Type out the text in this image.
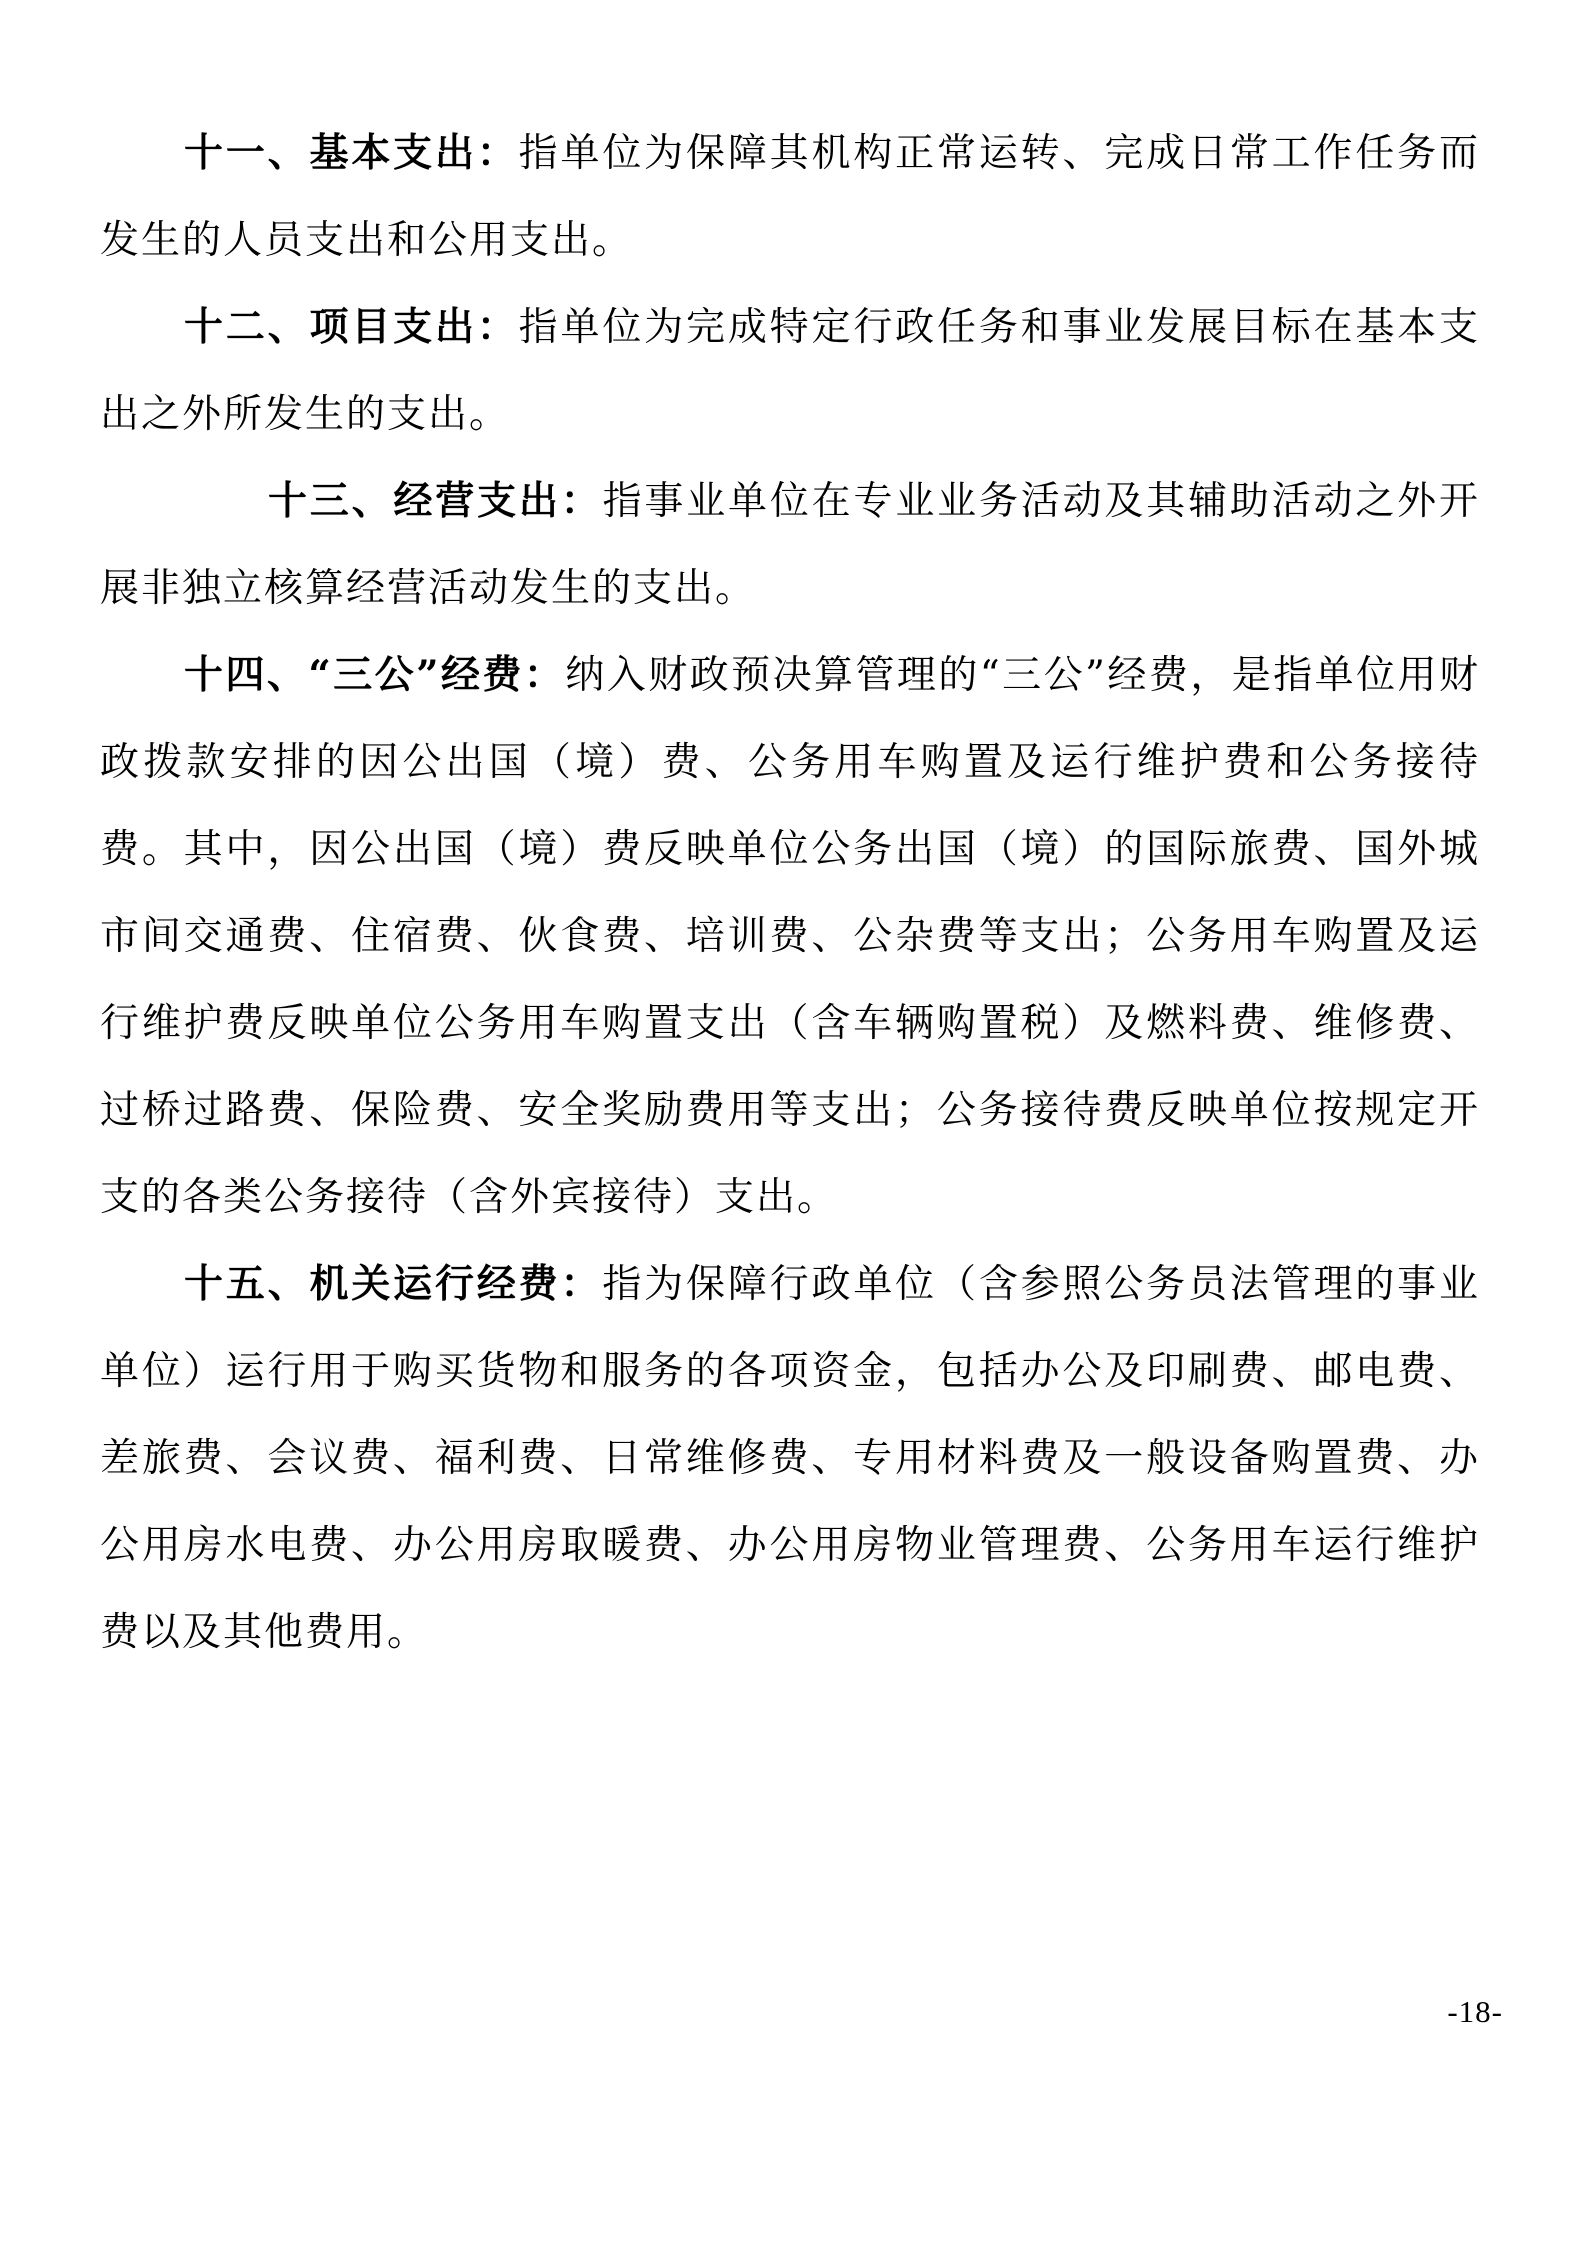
十一、基本支出：指单位为保障其机构正常运转、完成日常工作任务而发生的人员支出和公用支出。

十二、项目支出：指单位为完成特定行政任务和事业发展目标在基本支出之外所发生的支出。

十三、经营支出：指事业单位在专业业务活动及其辅助活动之外开展非独立核算经营活动发生的支出。

十四、“三公”经费：纳入财政预决算管理的“三公”经费，是指单位用财政拨款安排的因公出国（境）费、公务用车购置及运行维护费和公务接待费。其中，因公出国（境）费反映单位公务出国（境）的国际旅费、国外城市间交通费、住宿费、伙食费、培训费、公杂费等支出；公务用车购置及运行维护费反映单位公务用车购置支出（含车辆购置税）及燃料费、维修费、过桥过路费、保险费、安全奖励费用等支出；公务接待费反映单位按规定开支的各类公务接待（含外宾接待）支出。

十五、机关运行经费：指为保障行政单位（含参照公务员法管理的事业单位）运行用于购买货物和服务的各项资金，包括办公及印刷费、邮电费、差旅费、会议费、福利费、日常维修费、专用材料费及一般设备购置费、办公用房水电费、办公用房取暖费、办公用房物业管理费、公务用车运行维护费以及其他费用。

-18-
